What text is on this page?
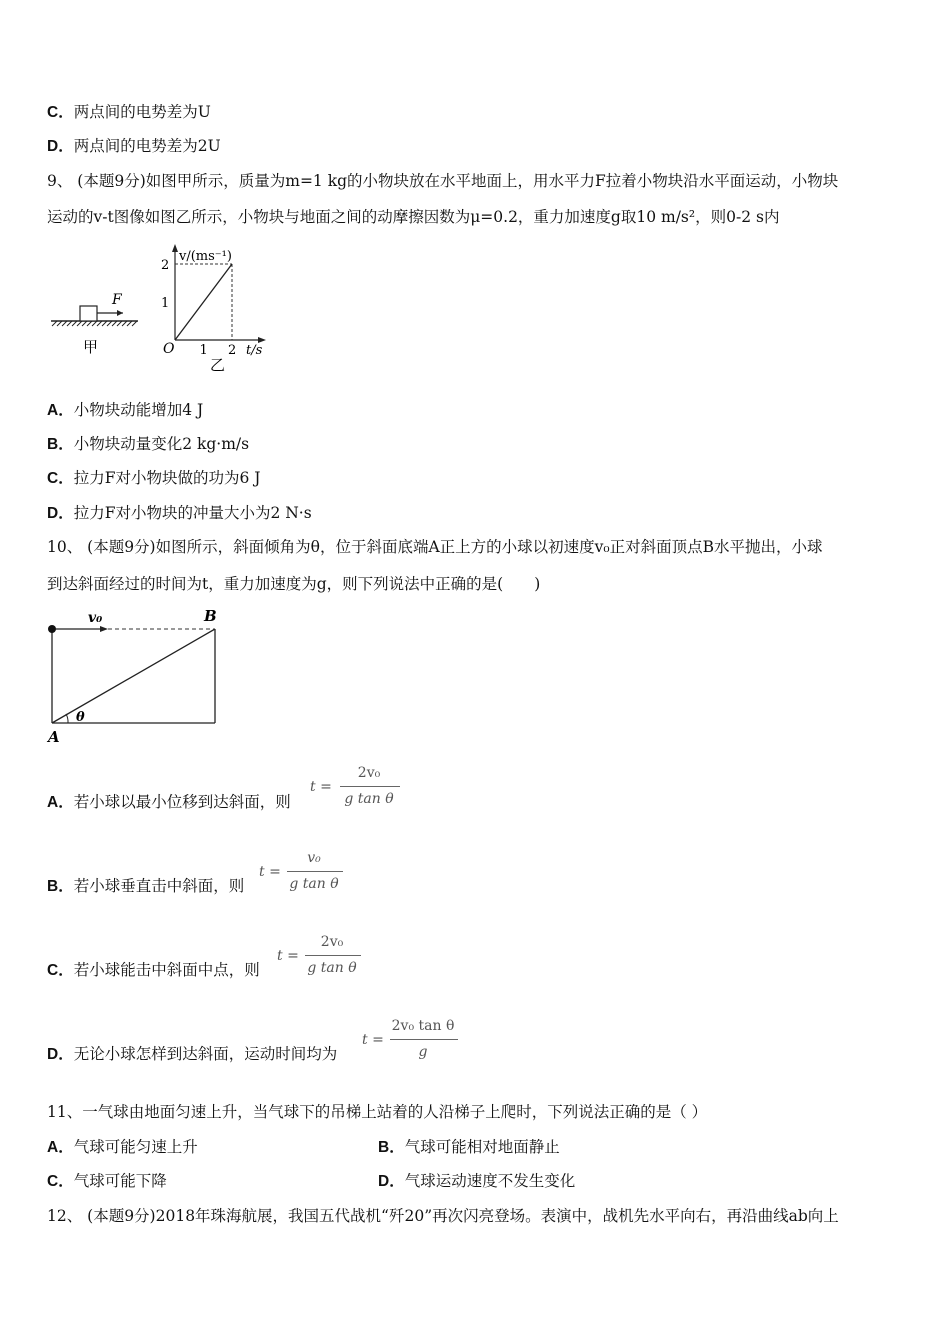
C．两点间的电势差为U
D．两点间的电势差为2U
9、 (本题9分)如图甲所示，质量为m=1 kg的小物块放在水平地面上，用水平力F拉着小物块沿水平面运动，小物块
运动的v-t图像如图乙所示，小物块与地面之间的动摩擦因数为μ=0.2，重力加速度g取10 m/s²，则0-2 s内
F
甲
v/(ms⁻¹)
1
2
O 1 2 t/s
乙
A．小物块动能增加4 J
B．小物块动量变化2 kg·m/s
C．拉力F对小物块做的功为6 J
D．拉力F对小物块的冲量大小为2 N·s
10、 (本题9分)如图所示，斜面倾角为θ，位于斜面底端A正上方的小球以初速度v₀正对斜面顶点B水平抛出，小球
到达斜面经过的时间为t，重力加速度为g，则下列说法中正确的是(　　)
v₀	B
A
θ
A．若小球以最小位移到达斜面，则
t =
2v₀
g tan θ
B．若小球垂直击中斜面，则
t =
v₀
g tan θ
C．若小球能击中斜面中点，则
t =
2v₀
g tan θ
D．无论小球怎样到达斜面，运动时间均为
t =
2v₀ tan θ
g
11、一气球由地面匀速上升，当气球下的吊梯上站着的人沿梯子上爬时，下列说法正确的是（ ）
A．气球可能匀速上升	B．气球可能相对地面静止
C．气球可能下降	D．气球运动速度不发生变化
12、 (本题9分)2018年珠海航展，我国五代战机“歼20”再次闪亮登场。表演中，战机先水平向右，再沿曲线ab向上
